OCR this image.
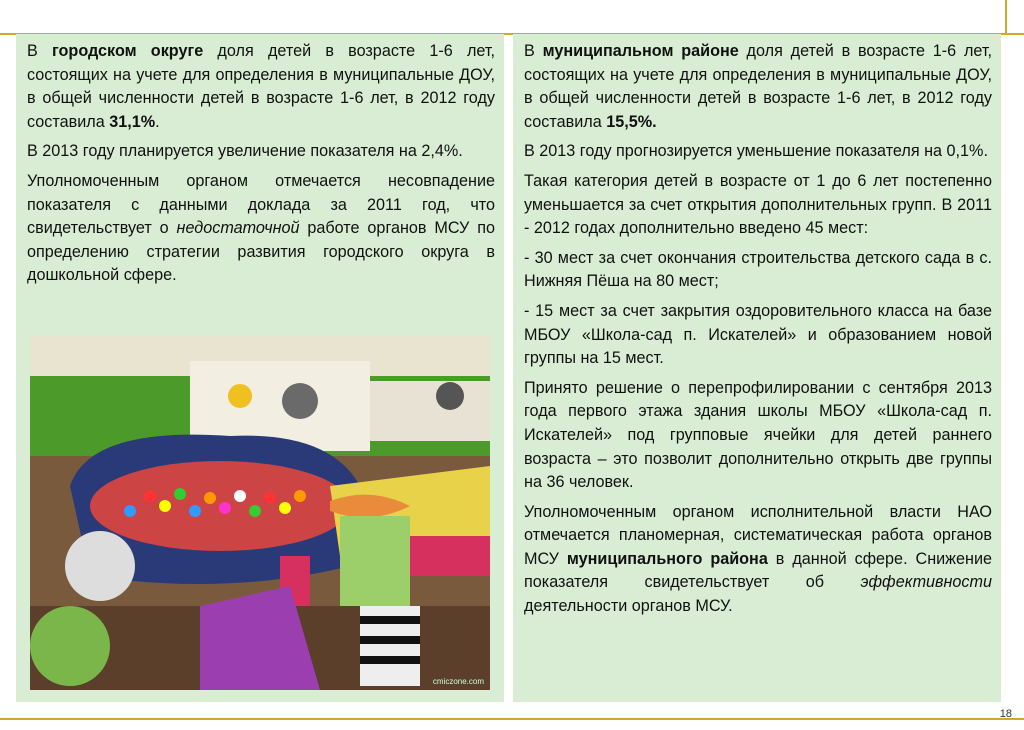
В городском округе доля детей в возрасте 1-6 лет, состоящих на учете для определения в муниципальные ДОУ, в общей численности детей в возрасте 1-6 лет, в 2012 году составила 31,1%.

В 2013 году планируется увеличение показателя на 2,4%.

Уполномоченным органом отмечается несовпадение показателя с данными доклада за 2011 год, что свидетельствует о недостаточной работе органов МСУ по определению стратегии развития городского округа в дошкольной сфере.

cmiczone.com

В муниципальном районе доля детей в возрасте 1-6 лет, состоящих на учете для определения в муниципальные ДОУ, в общей численности детей в возрасте 1-6 лет, в 2012 году составила 15,5%.

В 2013 году прогнозируется уменьшение показателя на 0,1%.

Такая категория детей в возрасте от 1 до 6 лет постепенно уменьшается за счет открытия дополнительных групп. В 2011 - 2012 годах дополнительно введено 45 мест:

- 30 мест за счет окончания строительства детского сада в с. Нижняя Пёша на 80 мест;

- 15 мест за счет закрытия оздоровительного класса на базе МБОУ «Школа-сад п. Искателей» и образованием новой группы на 15 мест.

Принято решение о перепрофилировании с сентября 2013 года первого этажа здания школы МБОУ «Школа-сад п. Искателей» под групповые ячейки для детей раннего возраста – это позволит дополнительно открыть две группы на 36 человек.

Уполномоченным органом исполнительной власти НАО отмечается планомерная, систематическая работа органов МСУ муниципального района в данной сфере. Снижение показателя свидетельствует об эффективности деятельности органов МСУ.

18
